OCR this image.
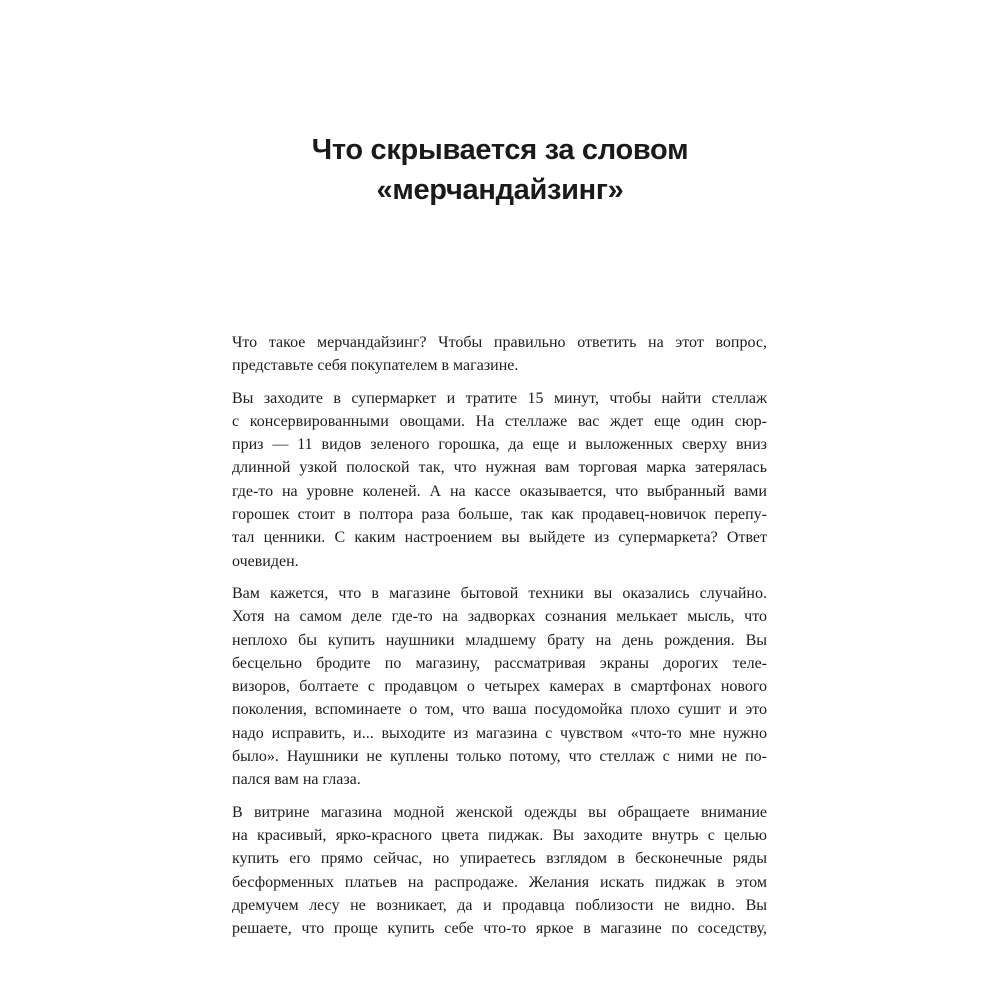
Что скрывается за словом
«мерчандайзинг»

Что такое мерчандайзинг? Чтобы правильно ответить на этот вопрос,
представьте себя покупателем в магазине.

Вы заходите в супермаркет и тратите 15 минут, чтобы найти стеллаж
с консервированными овощами. На стеллаже вас ждет еще один сюр-
приз — 11 видов зеленого горошка, да еще и выложенных сверху вниз
длинной узкой полоской так, что нужная вам торговая марка затерялась
где-то на уровне коленей. А на кассе оказывается, что выбранный вами
горошек стоит в полтора раза больше, так как продавец-новичок перепу-
тал ценники. С каким настроением вы выйдете из супермаркета? Ответ
очевиден.

Вам кажется, что в магазине бытовой техники вы оказались случайно.
Хотя на самом деле где-то на задворках сознания мелькает мысль, что
неплохо бы купить наушники младшему брату на день рождения. Вы
бесцельно бродите по магазину, рассматривая экраны дорогих теле-
визоров, болтаете с продавцом о четырех камерах в смартфонах нового
поколения, вспоминаете о том, что ваша посудомойка плохо сушит и это
надо исправить, и... выходите из магазина с чувством «что-то мне нужно
было». Наушники не куплены только потому, что стеллаж с ними не по-
пался вам на глаза.

В витрине магазина модной женской одежды вы обращаете внимание
на красивый, ярко-красного цвета пиджак. Вы заходите внутрь с целью
купить его прямо сейчас, но упираетесь взглядом в бесконечные ряды
бесформенных платьев на распродаже. Желания искать пиджак в этом
дремучем лесу не возникает, да и продавца поблизости не видно. Вы
решаете, что проще купить себе что-то яркое в магазине по соседству,
